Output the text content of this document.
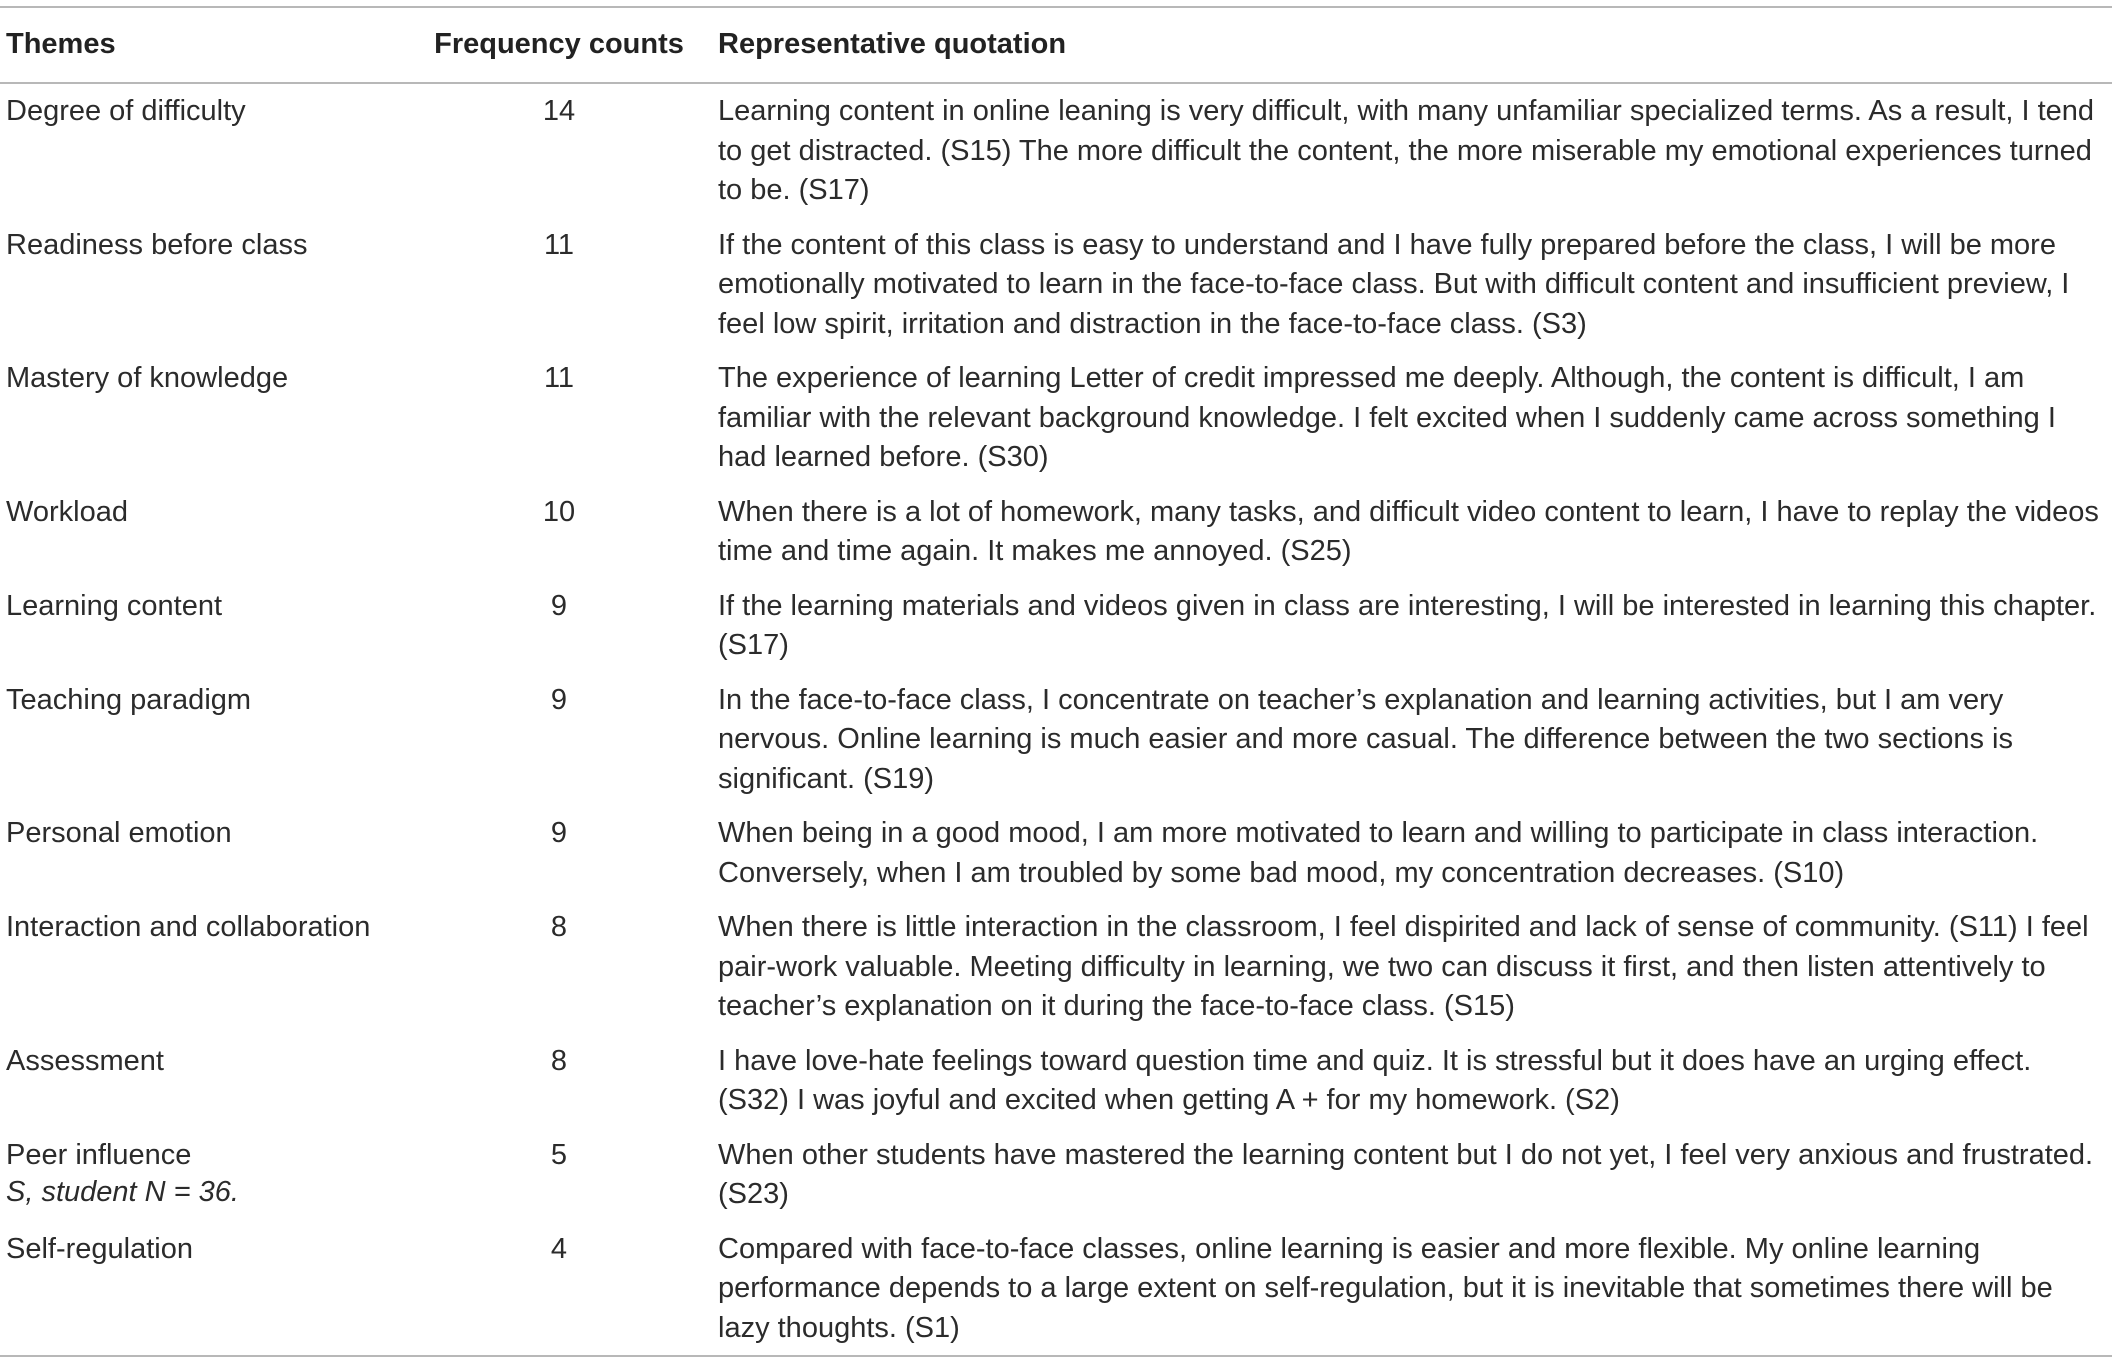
Themes	Frequency counts	Representative quotation
Degree of difficulty	14	Learning content in online leaning is very difficult, with many unfamiliar specialized terms. As a result, I tend to get distracted. (S15) The more difficult the content, the more miserable my emotional experiences turned to be. (S17)
Readiness before class	11	If the content of this class is easy to understand and I have fully prepared before the class, I will be more emotionally motivated to learn in the face-to-face class. But with difficult content and insufficient preview, I feel low spirit, irritation and distraction in the face-to-face class. (S3)
Mastery of knowledge	11	The experience of learning Letter of credit impressed me deeply. Although, the content is difficult, I am familiar with the relevant background knowledge. I felt excited when I suddenly came across something I had learned before. (S30)
Workload	10	When there is a lot of homework, many tasks, and difficult video content to learn, I have to replay the videos time and time again. It makes me annoyed. (S25)
Learning content	9	If the learning materials and videos given in class are interesting, I will be interested in learning this chapter. (S17)
Teaching paradigm	9	In the face-to-face class, I concentrate on teacher’s explanation and learning activities, but I am very nervous. Online learning is much easier and more casual. The difference between the two sections is significant. (S19)
Personal emotion	9	When being in a good mood, I am more motivated to learn and willing to participate in class interaction. Conversely, when I am troubled by some bad mood, my concentration decreases. (S10)
Interaction and collaboration	8	When there is little interaction in the classroom, I feel dispirited and lack of sense of community. (S11) I feel pair-work valuable. Meeting difficulty in learning, we two can discuss it first, and then listen attentively to teacher’s explanation on it during the face-to-face class. (S15)
Assessment	8	I have love-hate feelings toward question time and quiz. It is stressful but it does have an urging effect. (S32) I was joyful and excited when getting A + for my homework. (S2)
Peer influence	5	When other students have mastered the learning content but I do not yet, I feel very anxious and frustrated. (S23)
Self-regulation	4	Compared with face-to-face classes, online learning is easier and more flexible. My online learning performance depends to a large extent on self-regulation, but it is inevitable that sometimes there will be lazy thoughts. (S1)
S, student N = 36.
